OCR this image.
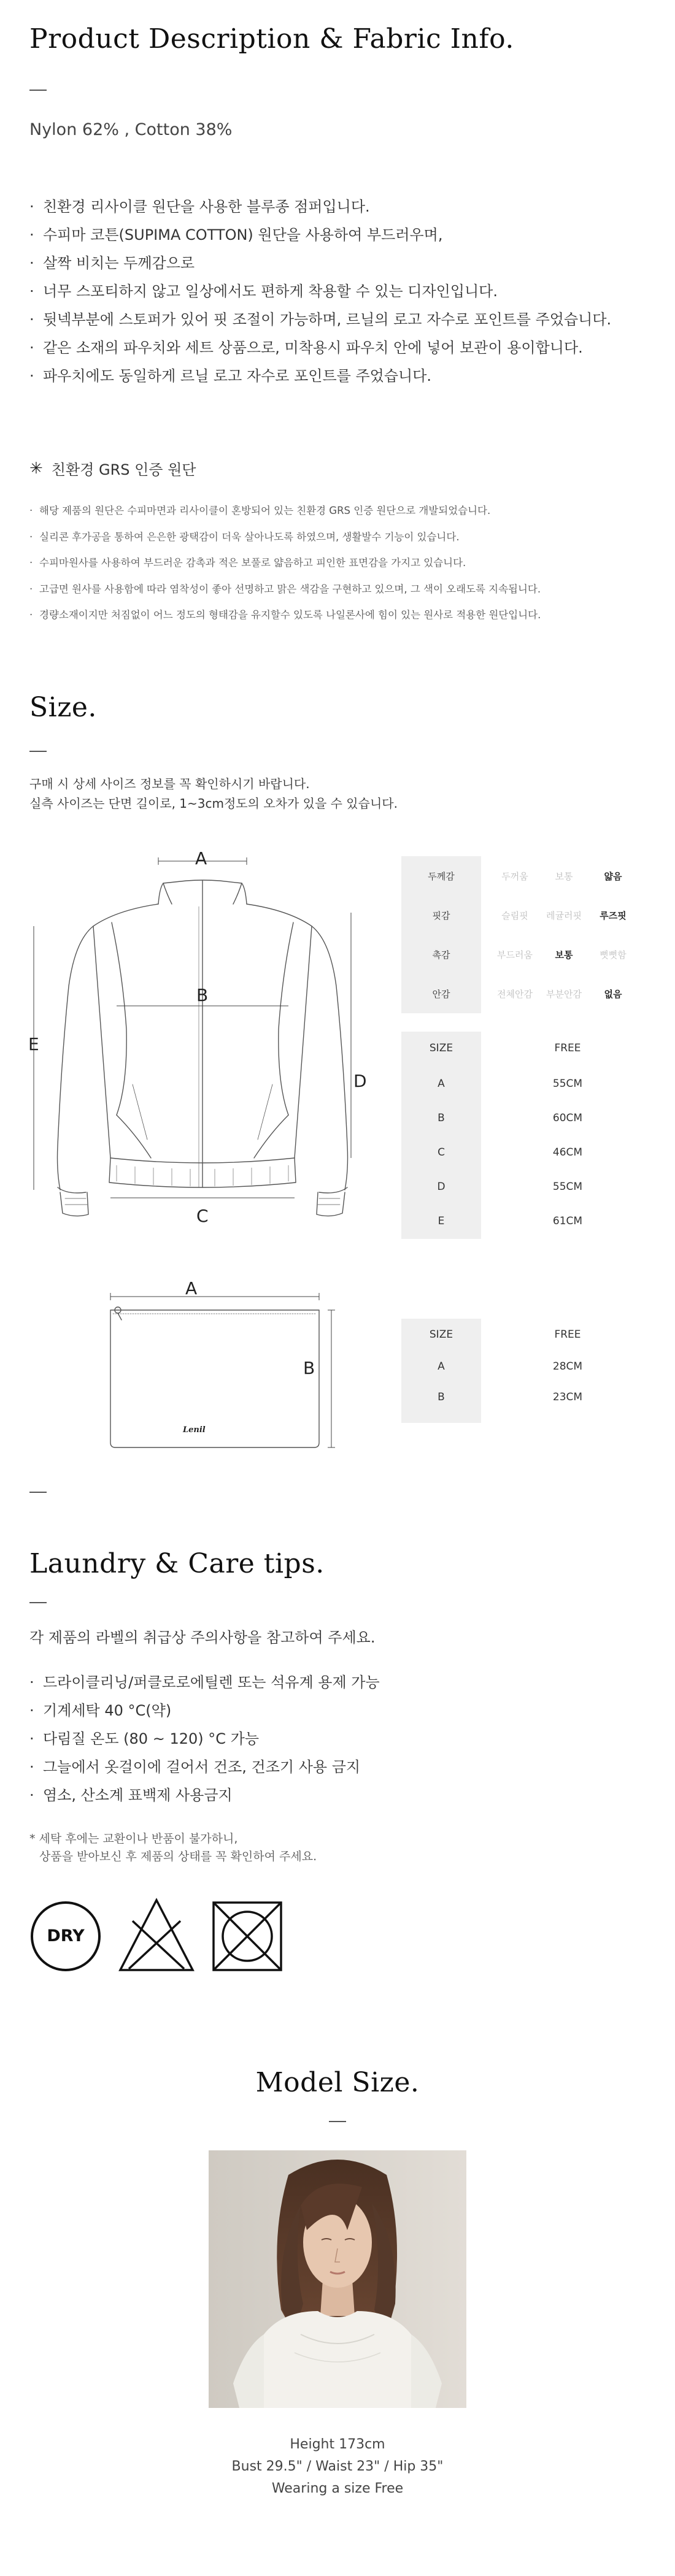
Product Description & Fabric Info.
Nylon 62% , Cotton 38%
· 친환경 리사이클 원단을 사용한 블루종 점퍼입니다.
· 수피마 코튼(SUPIMA COTTON) 원단을 사용하여 부드러우며,
· 살짝 비치는 두께감으로
· 너무 스포티하지 않고 일상에서도 편하게 착용할 수 있는 디자인입니다.
· 뒷넥부분에 스토퍼가 있어 핏 조절이 가능하며, 르닐의 로고 자수로 포인트를 주었습니다.
· 같은 소재의 파우치와 세트 상품으로, 미착용시 파우치 안에 넣어 보관이 용이합니다.
· 파우치에도 동일하게 르닐 로고 자수로 포인트를 주었습니다.
✳ 친환경 GRS 인증 원단
· 해당 제품의 원단은 수피마면과 리사이클이 혼방되어 있는 친환경 GRS 인증 원단으로 개발되었습니다.
· 실리콘 후가공을 통하여 은은한 광택감이 더욱 살아나도록 하였으며, 생활발수 기능이 있습니다.
· 수피마원사를 사용하여 부드러운 감촉과 적은 보풀로 얇음하고 피인한 표면감을 가지고 있습니다.
· 고급면 원사를 사용함에 따라 염착성이 좋아 선명하고 맑은 색감을 구현하고 있으며, 그 색이 오래도록 지속됩니다.
· 경량소재이지만 처짐없이 어느 정도의 형태감을 유지할수 있도록 나일론사에 힘이 있는 원사로 적용한 원단입니다.
Size.
구매 시 상세 사이즈 정보를 꼭 확인하시기 바랍니다.
실측 사이즈는 단면 길이로, 1~3cm정도의 오차가 있을 수 있습니다.
A
B
C
D
E
두께감	두꺼움	보통	얇음
핏감	슬림핏	레귤러핏	루즈핏
촉감	부드러움	보통	뻣뻣함
안감	전체안감	부분안감	없음
SIZE	FREE
A	55CM
B	60CM
C	46CM
D	55CM
E	61CM
Lenil
A
B
SIZE	FREE
A	28CM
B	23CM
Laundry & Care tips.
각 제품의 라벨의 취급상 주의사항을 참고하여 주세요.
· 드라이클리닝/퍼클로로에틸렌 또는 석유계 용제 가능
· 기계세탁 40 °C(약)
· 다림질 온도 (80 ~ 120) °C 가능
· 그늘에서 옷걸이에 걸어서 건조, 건조기 사용 금지
· 염소, 산소계 표백제 사용금지
* 세탁 후에는 교환이나 반품이 불가하니,
상품을 받아보신 후 제품의 상태를 꼭 확인하여 주세요.
DRY
Model Size.
Height 173cm
Bust 29.5" / Waist 23" / Hip 35"
Wearing a size Free
